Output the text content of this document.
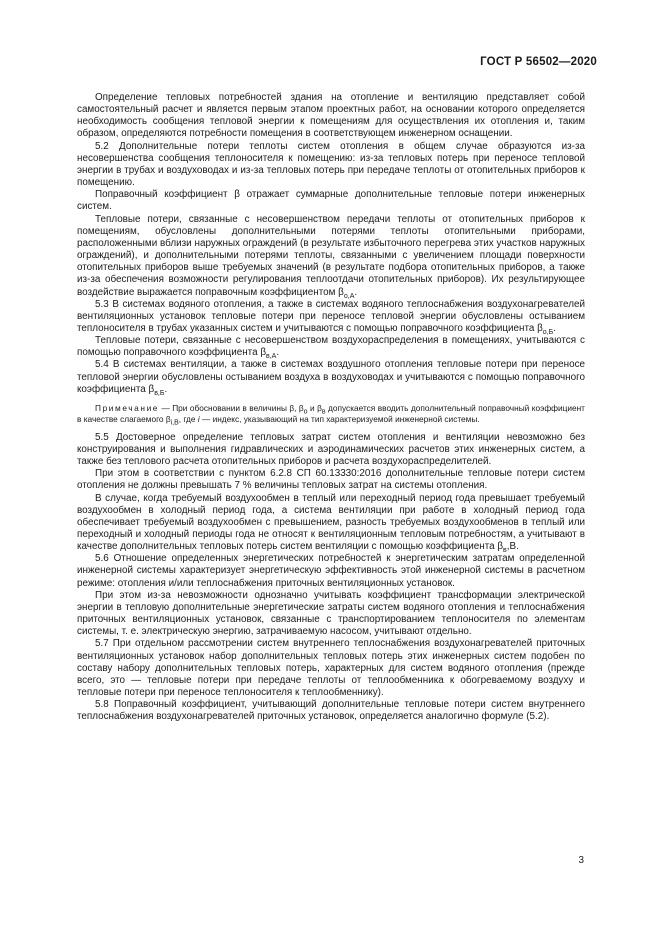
ГОСТ Р 56502—2020

Определение тепловых потребностей здания на отопление и вентиляцию представляет собой самостоятельный расчет и является первым этапом проектных работ, на основании которого определяется необходимость сообщения тепловой энергии к помещениям для осуществления их отопления и, таким образом, определяются потребности помещения в соответствующем инженерном оснащении.

5.2 Дополнительные потери теплоты систем отопления в общем случае образуются из-за несовершенства сообщения теплоносителя к помещению: из-за тепловых потерь при переносе тепловой энергии в трубах и воздуховодах и из-за тепловых потерь при передаче теплоты от отопительных приборов к помещению.

Поправочный коэффициент β отражает суммарные дополнительные тепловые потери инженерных систем.

Тепловые потери, связанные с несовершенством передачи теплоты от отопительных приборов к помещениям, обусловлены дополнительными потерями теплоты отопительными приборами, расположенными вблизи наружных ограждений (в результате избыточного перегрева этих участков наружных ограждений), и дополнительными потерями теплоты, связанными с увеличением площади поверхности отопительных приборов выше требуемых значений (в результате подбора отопительных приборов, а также из-за обеспечения возможности регулирования теплоотдачи отопительных приборов). Их результирующее воздействие выражается поправочным коэффициентом $\beta_{о,А}$.

5.3 В системах водяного отопления, а также в системах водяного теплоснабжения воздухонагревателей вентиляционных установок тепловые потери при переносе тепловой энергии обусловлены остыванием теплоносителя в трубах указанных систем и учитываются с помощью поправочного коэффициента $\beta_{о,Б}$.

Тепловые потери, связанные с несовершенством воздухораспределения в помещениях, учитываются с помощью поправочного коэффициента $\beta_{в,А}$.

5.4 В системах вентиляции, а также в системах воздушного отопления тепловые потери при переносе тепловой энергии обусловлены остыванием воздуха в воздуховодах и учитываются с помощью поправочного коэффициента $\beta_{в,Б}$.

Примечание — При обосновании в величины β, $\beta_о$ и $\beta_в$ допускается вводить дополнительный поправочный коэффициент в качестве слагаемого $\beta_{i,В}$, где i — индекс, указывающий на тип характеризуемой инженерной системы.

5.5 Достоверное определение тепловых затрат систем отопления и вентиляции невозможно без конструирования и выполнения гидравлических и аэродинамических расчетов этих инженерных систем, а также без теплового расчета отопительных приборов и расчета воздухораспределителей.

При этом в соответствии с пунктом 6.2.8 СП 60.13330:2016 дополнительные тепловые потери систем отопления не должны превышать 7 % величины тепловых затрат на системы отопления.

В случае, когда требуемый воздухообмен в теплый или переходный период года превышает требуемый воздухообмен в холодный период года, а система вентиляции при работе в холодный период года обеспечивает требуемый воздухообмен с превышением, разность требуемых воздухообменов в теплый или переходный и холодный периоды года не относят к вентиляционным тепловым потребностям, а учитывают в качестве дополнительных тепловых потерь систем вентиляции с помощью коэффициента $\beta_в,В$.

5.6 Отношение определенных энергетических потребностей к энергетическим затратам определенной инженерной системы характеризует энергетическую эффективность этой инженерной системы в расчетном режиме: отопления и/или теплоснабжения приточных вентиляционных установок.

При этом из-за невозможности однозначно учитывать коэффициент трансформации электрической энергии в тепловую дополнительные энергетические затраты систем водяного отопления и теплоснабжения приточных вентиляционных установок, связанные с транспортированием теплоносителя по элементам системы, т. е. электрическую энергию, затрачиваемую насосом, учитывают отдельно.

5.7 При отдельном рассмотрении систем внутреннего теплоснабжения воздухонагревателей приточных вентиляционных установок набор дополнительных тепловых потерь этих инженерных систем подобен по составу набору дополнительных тепловых потерь, характерных для систем водяного отопления (прежде всего, это — тепловые потери при передаче теплоты от теплообменника к обогреваемому воздуху и тепловые потери при переносе теплоносителя к теплообменнику).

5.8 Поправочный коэффициент, учитывающий дополнительные тепловые потери систем внутреннего теплоснабжения воздухонагревателей приточных установок, определяется аналогично формуле (5.2).

3
